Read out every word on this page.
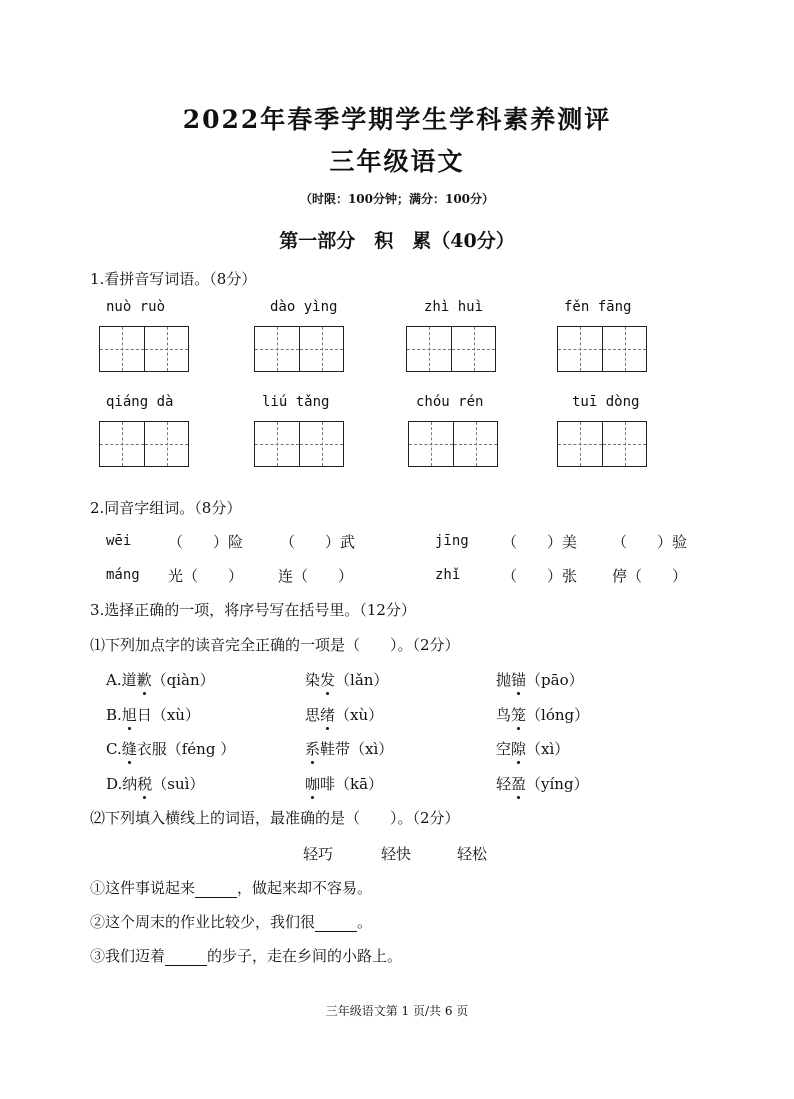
2022年春季学期学生学科素养测评
三年级语文
（时限：100分钟；满分：100分）
第一部分　积　累（40分）
1.看拼音写词语。（8分）
nuò ruò	dào yìng	zhì huì	fěn fāng
qiáng dà	liú tǎng	chóu rén	tuī dòng
2.同音字组词。（8分）
wēi （　　）险 （　　）武	jīng （　　）美 （　　）验
máng 光（　　） 连（　　）	zhǐ	（　　）张 停（　　）
3.选择正确的一项，将序号写在括号里。（12分）
⑴下列加点字的读音完全正确的一项是（　　）。（2分）
A.道歉（qiàn）	染发（lǎn）	抛锚（pāo）
B.旭日（xù）	思绪（xù）	鸟笼（lóng）
C.缝衣服（féng ）	系鞋带（xì）	空隙（xì）
D.纳税（suì）	咖啡（kā）	轻盈（yíng）
⑵下列填入横线上的词语，最准确的是（　　）。（2分）
轻巧	轻快	轻松
①这件事说起来	，做起来却不容易。
②这个周末的作业比较少，我们很	。
③我们迈着	的步子，走在乡间的小路上。
三年级语文第 1 页/共 6 页
